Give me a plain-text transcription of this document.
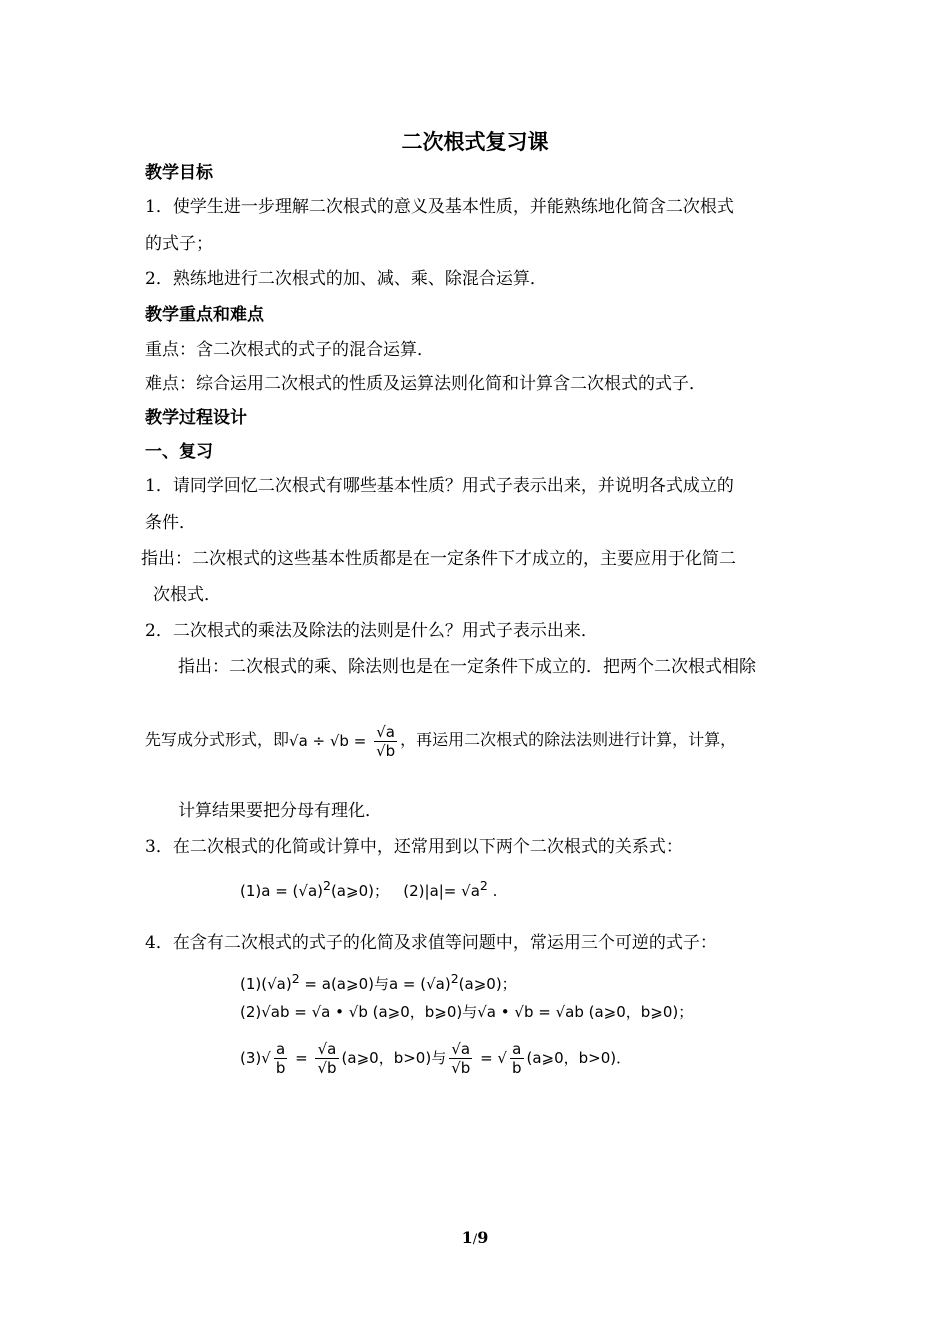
二次根式复习课
教学目标
1．使学生进一步理解二次根式的意义及基本性质，并能熟练地化简含二次根式
的式子；
2．熟练地进行二次根式的加、减、乘、除混合运算．
教学重点和难点
重点：含二次根式的式子的混合运算．
难点：综合运用二次根式的性质及运算法则化简和计算含二次根式的式子．
教学过程设计
一、复习
1．请同学回忆二次根式有哪些基本性质？用式子表示出来，并说明各式成立的
条件．
指出：二次根式的这些基本性质都是在一定条件下才成立的，主要应用于化简二
次根式．
2．二次根式的乘法及除法的法则是什么？用式子表示出来．
指出：二次根式的乘、除法则也是在一定条件下成立的．把两个二次根式相除
先写成分式形式，即$√a \div √b = \frac{√a}{√b}$ ，再运用二次根式的除法法则进行计算，计算，
计算结果要把分母有理化．
3．在二次根式的化简或计算中，还常用到以下两个二次根式的关系式：
$(1)a = (√a)^2(a⩾0)$；   $(2)|a|= √a^2$ .
4．在含有二次根式的式子的化简及求值等问题中，常运用三个可逆的式子：
$(1)(√a)^2$ = a(a⩾0)与$a = (√a)^2(a⩾0)$；
(2)√ab = √a • √b (a⩾0，b⩾0)与√a • √b = √ab (a⩾0，b⩾0)；
$(3)√ \frac{a}{b} = \frac{√a}{√b}$ (a⩾0，b>0)与 $\frac{√a}{√b}$ = √ $\frac{a}{b}$ (a⩾0，b>0)．
1/9
